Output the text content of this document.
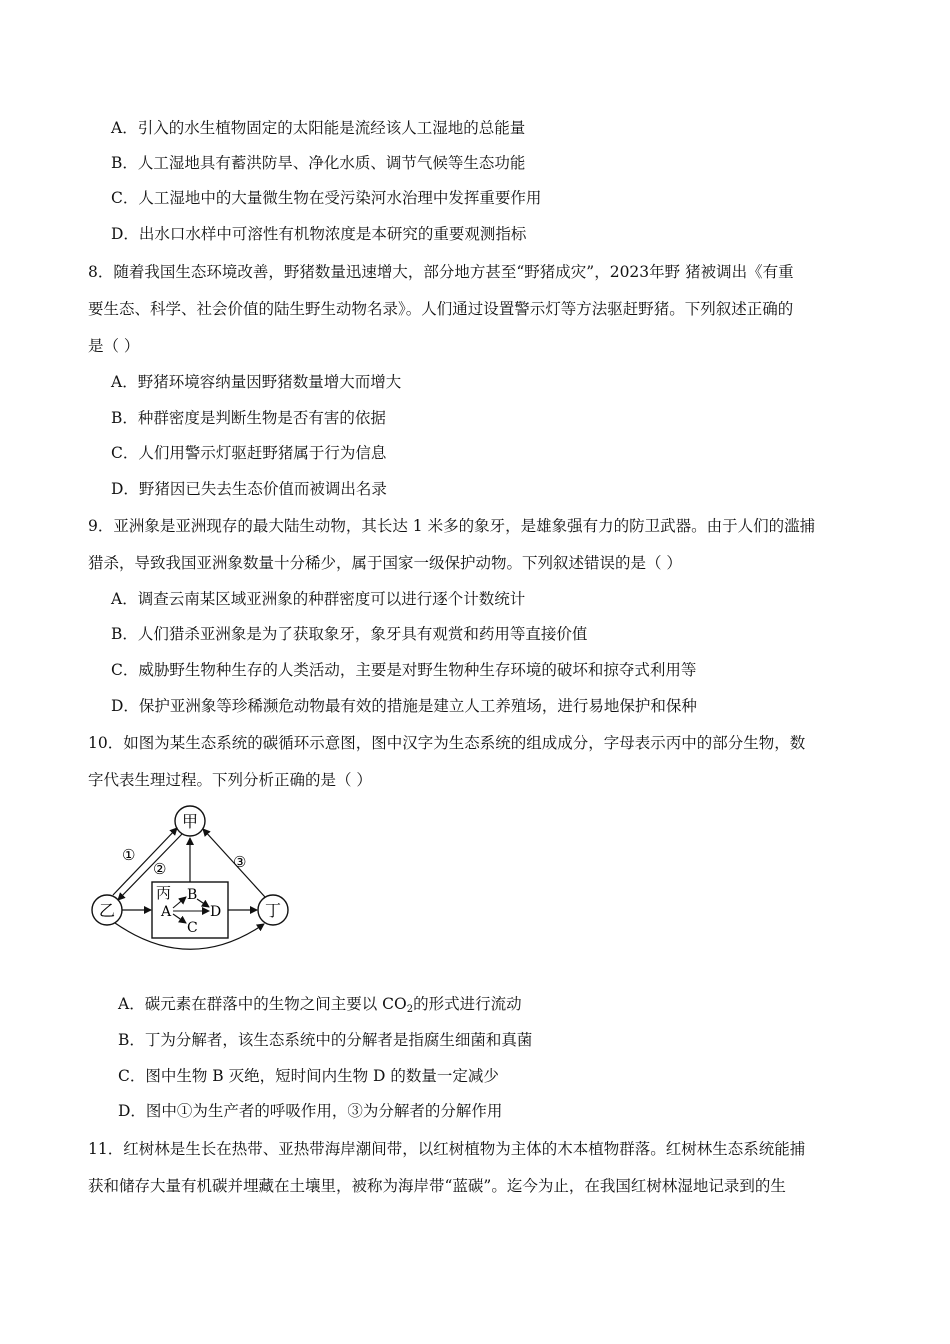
A．引入的水生植物固定的太阳能是流经该人工湿地的总能量
B．人工湿地具有蓄洪防旱、净化水质、调节气候等生态功能
C．人工湿地中的大量微生物在受污染河水治理中发挥重要作用
D．出水口水样中可溶性有机物浓度是本研究的重要观测指标
8．随着我国生态环境改善，野猪数量迅速增大，部分地方甚至“野猪成灾”，2023年野 猪被调出《有重
要生态、科学、社会价值的陆生野生动物名录》。人们通过设置警示灯等方法驱赶野猪。下列叙述正确的
是（ ）
A．野猪环境容纳量因野猪数量增大而增大
B．种群密度是判断生物是否有害的依据
C．人们用警示灯驱赶野猪属于行为信息
D．野猪因已失去生态价值而被调出名录
9．亚洲象是亚洲现存的最大陆生动物，其长达 1 米多的象牙，是雄象强有力的防卫武器。由于人们的滥捕
猎杀，导致我国亚洲象数量十分稀少，属于国家一级保护动物。下列叙述错误的是（ ）
A．调查云南某区域亚洲象的种群密度可以进行逐个计数统计
B．人们猎杀亚洲象是为了获取象牙，象牙具有观赏和药用等直接价值
C．威胁野生物种生存的人类活动，主要是对野生物种生存环境的破坏和掠夺式利用等
D．保护亚洲象等珍稀濒危动物最有效的措施是建立人工养殖场，进行易地保护和保种
10．如图为某生态系统的碳循环示意图，图中汉字为生态系统的组成成分，字母表示丙中的部分生物，数
字代表生理过程。下列分析正确的是（ ）
甲
乙	丁
丙
A
B
C
D
①
②	③
A．碳元素在群落中的生物之间主要以 $CO_2$的形式进行流动
B．丁为分解者，该生态系统中的分解者是指腐生细菌和真菌
C．图中生物 B 灭绝，短时间内生物 D 的数量一定减少
D．图中①为生产者的呼吸作用，③为分解者的分解作用
11．红树林是生长在热带、亚热带海岸潮间带，以红树植物为主体的木本植物群落。红树林生态系统能捕
获和储存大量有机碳并埋藏在土壤里，被称为海岸带“蓝碳”。迄今为止，在我国红树林湿地记录到的生
